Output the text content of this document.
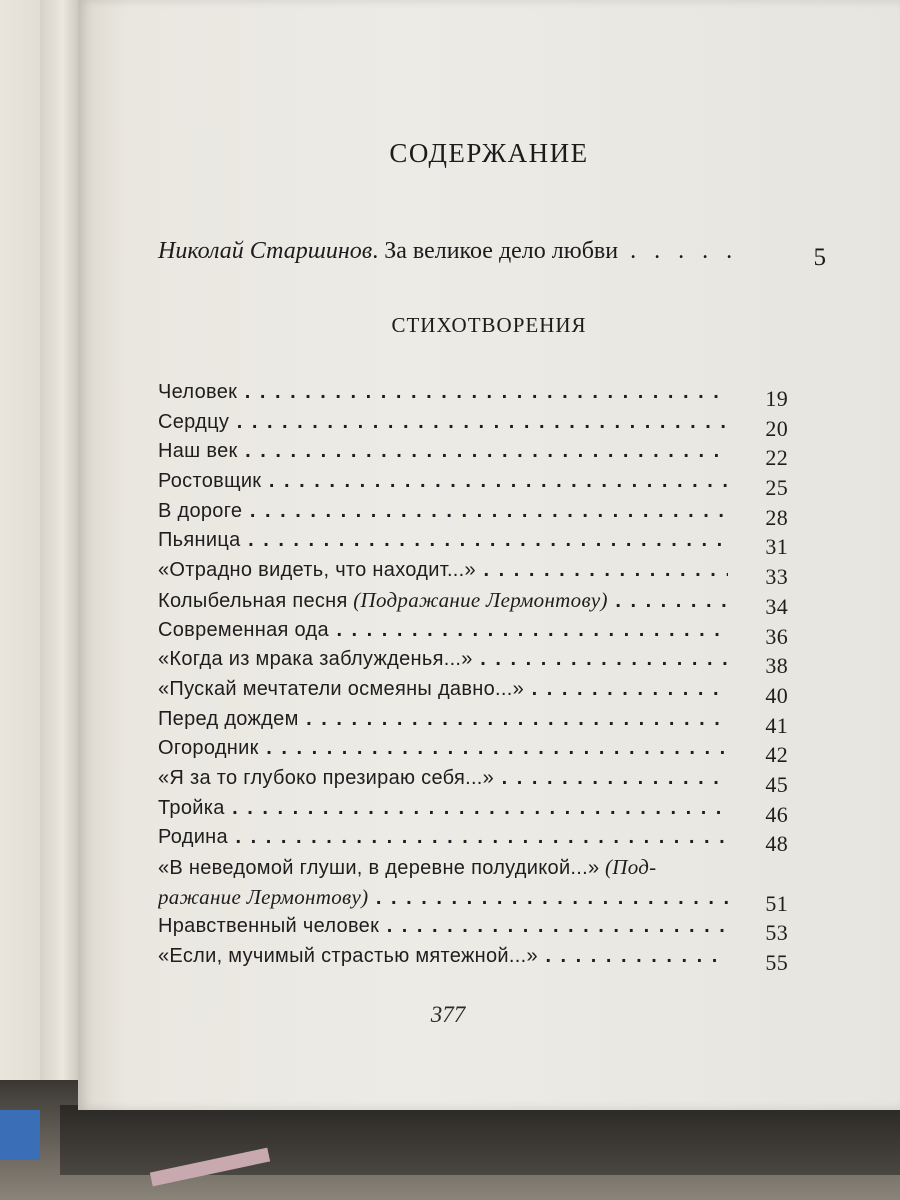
СОДЕРЖАНИЕ
Николай Старшинов. За великое дело любви . . . . .	5
СТИХОТВОРЕНИЯ
Человек . .	19
Сердцу . .	20
Наш век . .	22
Ростовщик . .	25
В дороге . .	28
Пьяница . .	31
«Отрадно видеть, что находит...» . .	33
Колыбельная песня (Подражание Лермонтову) . .	34
Современная ода . .	36
«Когда из мрака заблужденья...» . .	38
«Пускай мечтатели осмеяны давно...» . .	40
Перед дождем . .	41
Огородник . .	42
«Я за то глубоко презираю себя...» . .	45
Тройка . .	46
Родина . .	48
«В неведомой глуши, в деревне полудикой...» (Под-
ражание Лермонтову) . .	51
Нравственный человек . .	53
«Если, мучимый страстью мятежной...» . .	55
377
